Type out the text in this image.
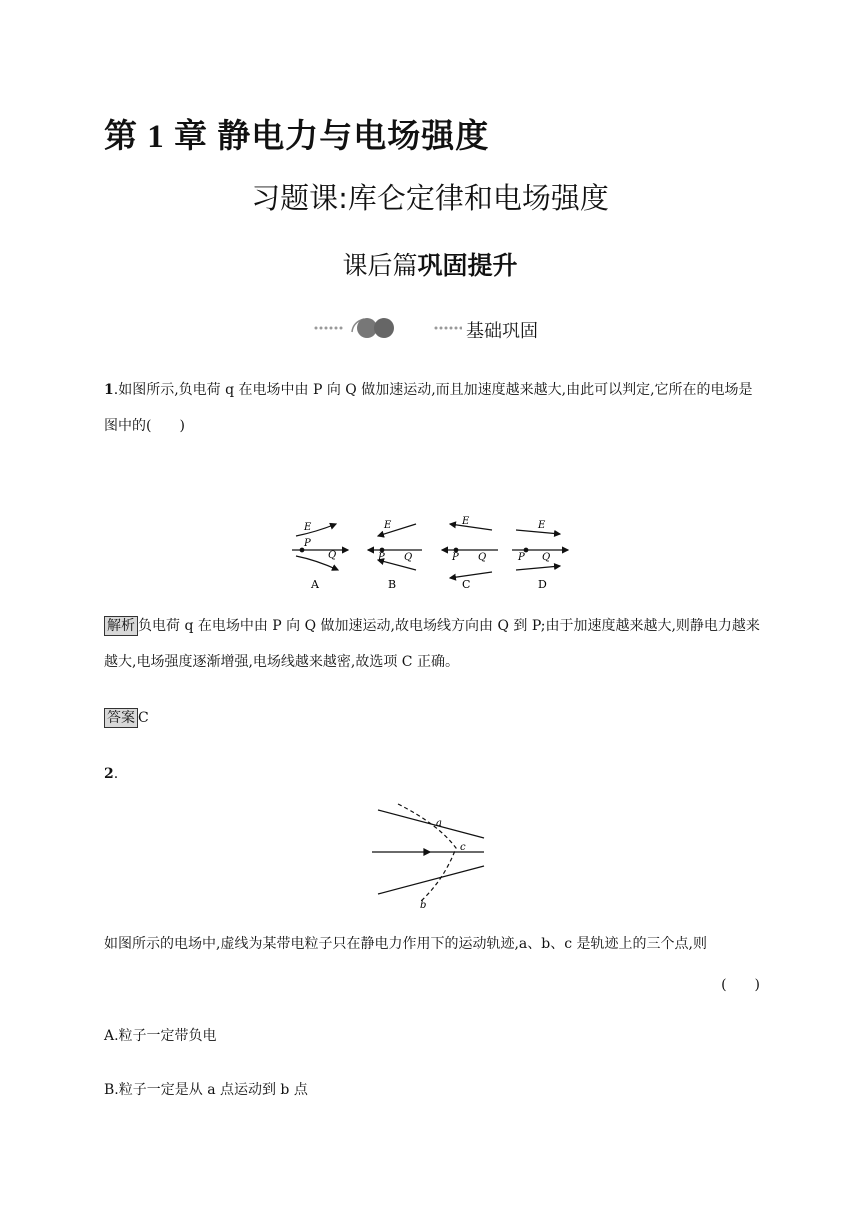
第 1 章 静电力与电场强度
习题课:库仑定律和电场强度
课后篇巩固提升
基础巩固
1.如图所示,负电荷 q 在电场中由 P 向 Q 做加速运动,而且加速度越来越大,由此可以判定,它所在的电场是图中的(　　)
E
P
Q
A
E
P Q
B
E
P Q
C
E
P Q
D
解析 负电荷 q 在电场中由 P 向 Q 做加速运动,故电场线方向由 Q 到 P;由于加速度越来越大,则静电力越来越大,电场强度逐渐增强,电场线越来越密,故选项 C 正确。
答案 C
2.
a
c
b
如图所示的电场中,虚线为某带电粒子只在静电力作用下的运动轨迹,a、b、c 是轨迹上的三个点,则
(　　)
A.粒子一定带负电
B.粒子一定是从 a 点运动到 b 点
